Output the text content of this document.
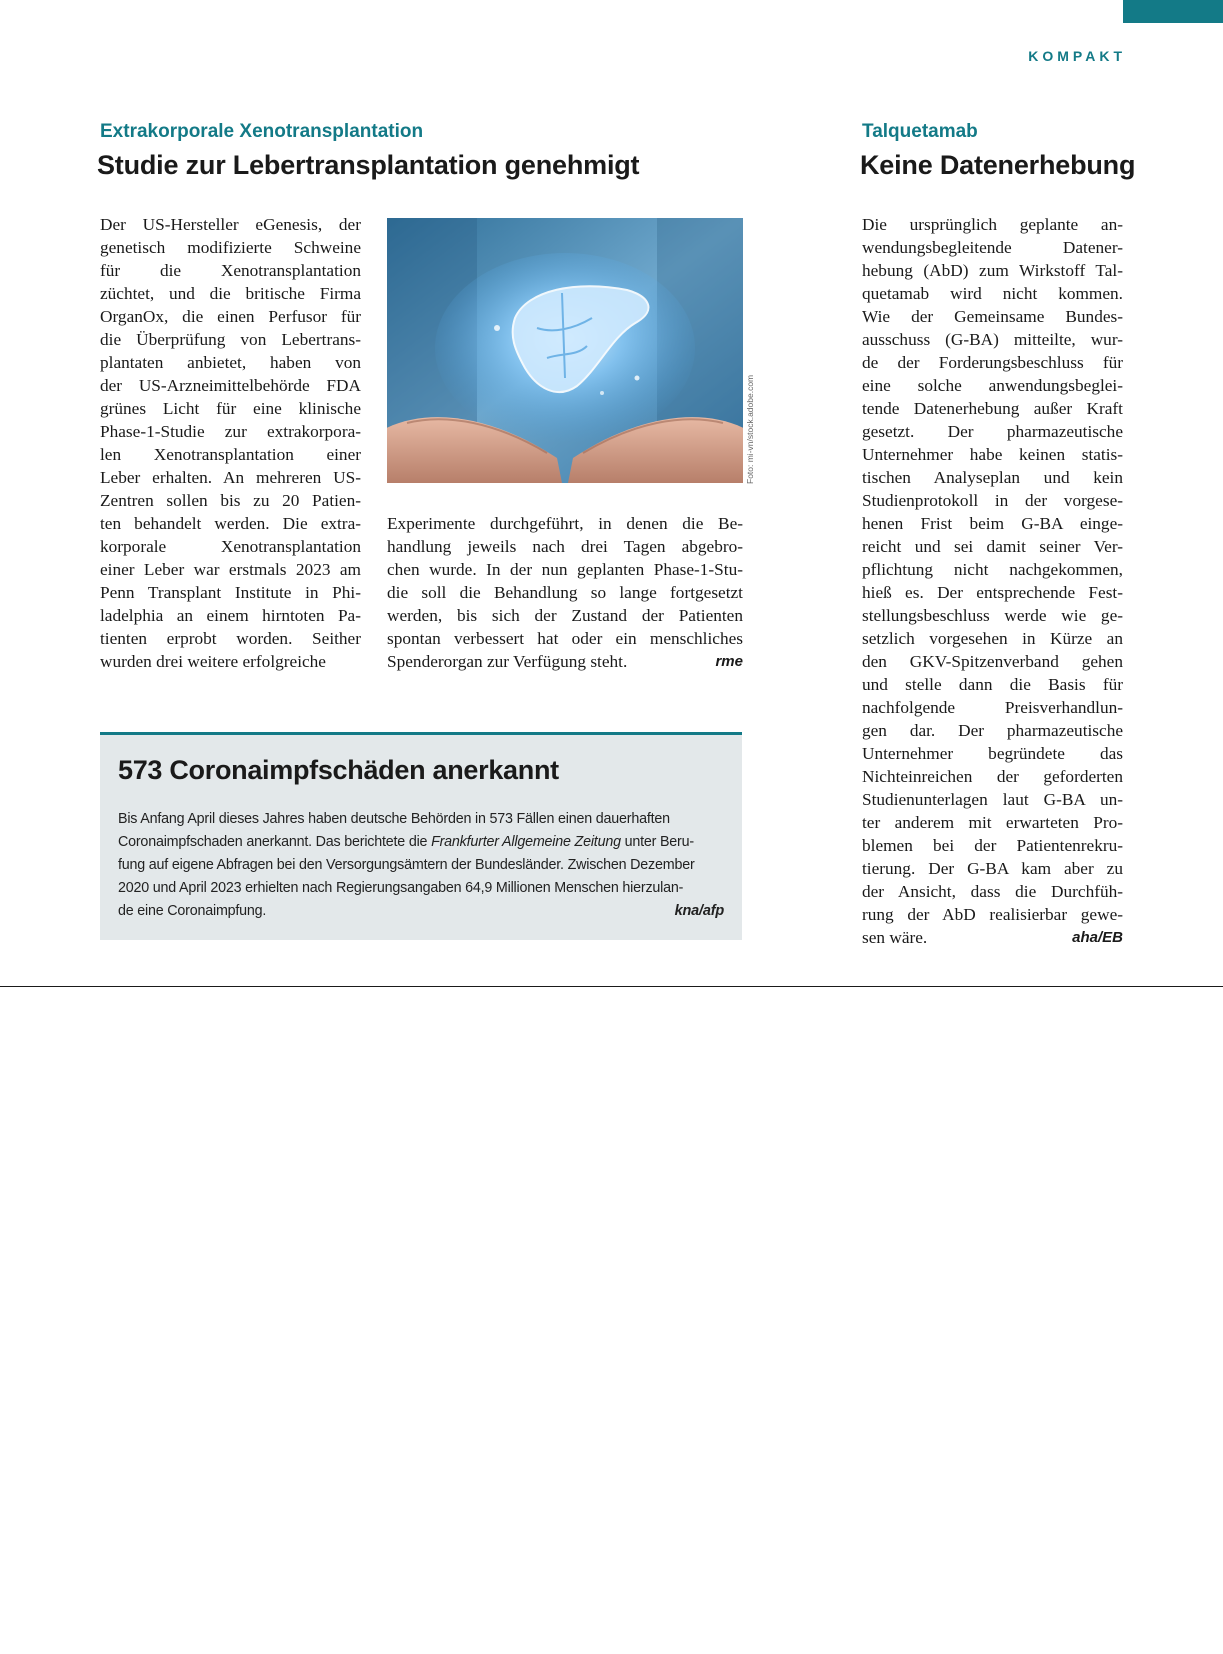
KOMPAKT
Extrakorporale Xenotransplantation
Studie zur Lebertransplantation genehmigt
Der US-Hersteller eGenesis, der
genetisch modifizierte Schweine
für die Xenotransplantation
züchtet, und die britische Firma
OrganOx, die einen Perfusor für
die Überprüfung von Lebertrans-
plantaten anbietet, haben von
der US-Arzneimittelbehörde FDA
grünes Licht für eine klinische
Phase-1-Studie zur extrakorpora-
len Xenotransplantation einer
Leber erhalten. An mehreren US-
Zentren sollen bis zu 20 Patien-
ten behandelt werden. Die extra-
korporale Xenotransplantation
einer Leber war erstmals 2023 am
Penn Transplant Institute in Phi-
ladelphia an einem hirntoten Pa-
tienten erprobt worden. Seither
wurden drei weitere erfolgreiche
Foto: mi-vn/stock.adobe.com
Experimente durchgeführt, in denen die Be-
handlung jeweils nach drei Tagen abgebro-
chen wurde. In der nun geplanten Phase-1-Stu-
die soll die Behandlung so lange fortgesetzt
werden, bis sich der Zustand der Patienten
spontan verbessert hat oder ein menschliches
Spenderorgan zur Verfügung steht.	rme
573 Coronaimpfschäden anerkannt

Bis Anfang April dieses Jahres haben deutsche Behörden in 573 Fällen einen dauerhaften
Coronaimpfschaden anerkannt. Das berichtete die Frankfurter Allgemeine Zeitung unter Beru-
fung auf eigene Abfragen bei den Versorgungsämtern der Bundesländer. Zwischen Dezember
2020 und April 2023 erhielten nach Regierungsangaben 64,9 Millionen Menschen hierzulan-
de eine Coronaimpfung.	kna/afp

Talquetamab
Keine Datenerhebung
Die ursprünglich geplante an-
wendungsbegleitende Datener-
hebung (AbD) zum Wirkstoff Tal-
quetamab wird nicht kommen.
Wie der Gemeinsame Bundes-
ausschuss (G-BA) mitteilte, wur-
de der Forderungsbeschluss für
eine solche anwendungsbeglei-
tende Datenerhebung außer Kraft
gesetzt. Der pharmazeutische
Unternehmer habe keinen statis-
tischen Analyseplan und kein
Studienprotokoll in der vorgese-
henen Frist beim G-BA einge-
reicht und sei damit seiner Ver-
pflichtung nicht nachgekommen,
hieß es. Der entsprechende Fest-
stellungsbeschluss werde wie ge-
setzlich vorgesehen in Kürze an
den GKV-Spitzenverband gehen
und stelle dann die Basis für
nachfolgende Preisverhandlun-
gen dar. Der pharmazeutische
Unternehmer begründete das
Nichteinreichen der geforderten
Studienunterlagen laut G-BA un-
ter anderem mit erwarteten Pro-
blemen bei der Patientenrekru-
tierung. Der G-BA kam aber zu
der Ansicht, dass die Durchfüh-
rung der AbD realisierbar gewe-
sen wäre.	aha/EB
